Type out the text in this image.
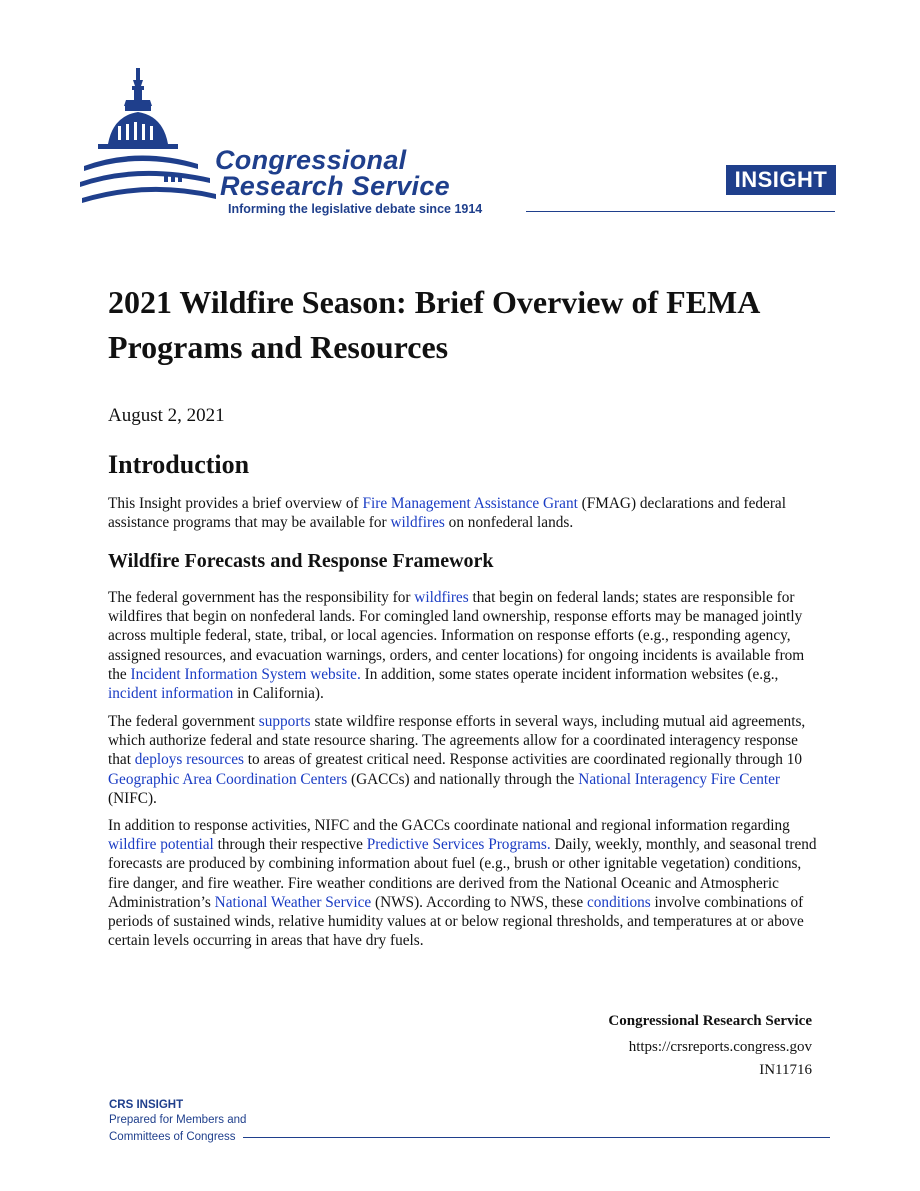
Congressional
Research Service
Informing the legislative debate since 1914
INSIGHT
2021 Wildfire Season: Brief Overview of FEMA Programs and Resources

August 2, 2021

Introduction

This Insight provides a brief overview of Fire Management Assistance Grant (FMAG) declarations and federal assistance programs that may be available for wildfires on nonfederal lands.

Wildfire Forecasts and Response Framework

The federal government has the responsibility for wildfires that begin on federal lands; states are responsible for wildfires that begin on nonfederal lands. For comingled land ownership, response efforts may be managed jointly across multiple federal, state, tribal, or local agencies. Information on response efforts (e.g., responding agency, assigned resources, and evacuation warnings, orders, and center locations) for ongoing incidents is available from the Incident Information System website. In addition, some states operate incident information websites (e.g., incident information in California).

The federal government supports state wildfire response efforts in several ways, including mutual aid agreements, which authorize federal and state resource sharing. The agreements allow for a coordinated interagency response that deploys resources to areas of greatest critical need. Response activities are coordinated regionally through 10 Geographic Area Coordination Centers (GACCs) and nationally through the National Interagency Fire Center (NIFC).

In addition to response activities, NIFC and the GACCs coordinate national and regional information regarding wildfire potential through their respective Predictive Services Programs. Daily, weekly, monthly, and seasonal trend forecasts are produced by combining information about fuel (e.g., brush or other ignitable vegetation) conditions, fire danger, and fire weather. Fire weather conditions are derived from the National Oceanic and Atmospheric Administration’s National Weather Service (NWS). According to NWS, these conditions involve combinations of periods of sustained winds, relative humidity values at or below regional thresholds, and temperatures at or above certain levels occurring in areas that have dry fuels.

Congressional Research Service

https://crsreports.congress.gov

IN11716

CRS INSIGHT
Prepared for Members and
Committees of Congress
